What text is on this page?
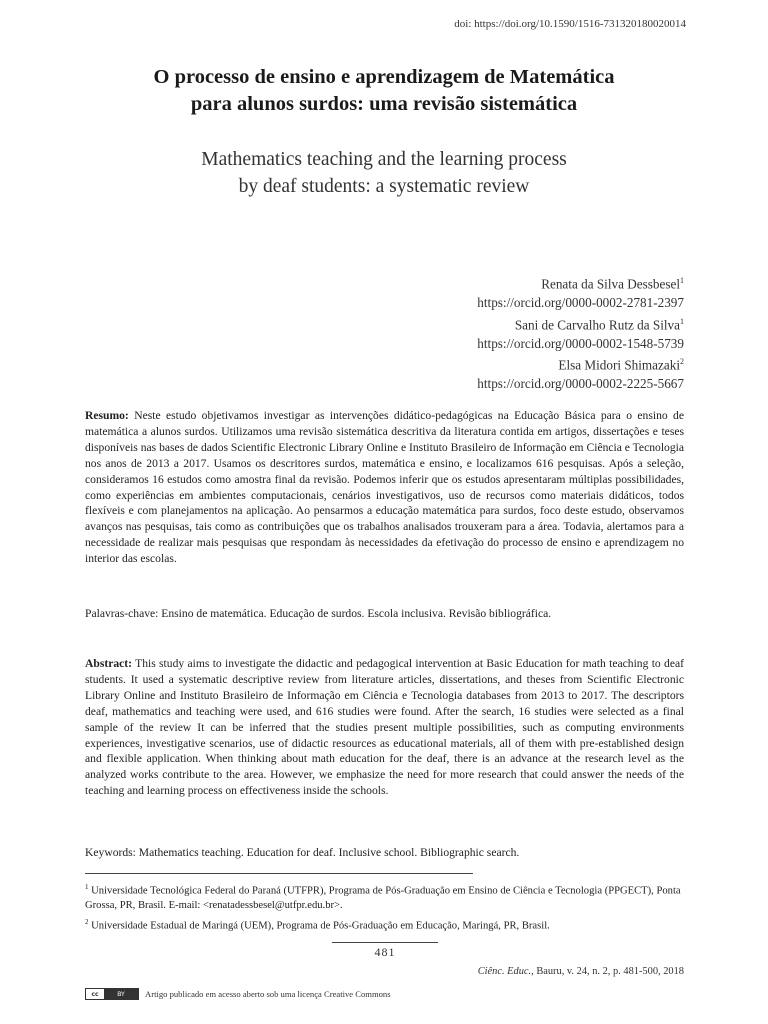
doi: https://doi.org/10.1590/1516-731320180020014
O processo de ensino e aprendizagem de Matemática
para alunos surdos: uma revisão sistemática
Mathematics teaching and the learning process
by deaf students: a systematic review
Renata da Silva Dessbesel$^1$
https://orcid.org/0000-0002-2781-2397
Sani de Carvalho Rutz da Silva$^1$
https://orcid.org/0000-0002-1548-5739
Elsa Midori Shimazaki$^2$
https://orcid.org/0000-0002-2225-5667
Resumo: Neste estudo objetivamos investigar as intervenções didático-pedagógicas na Educação Básica para o ensino de matemática a alunos surdos. Utilizamos uma revisão sistemática descritiva da literatura contida em artigos, dissertações e teses disponíveis nas bases de dados Scientific Electronic Library Online e Instituto Brasileiro de Informação em Ciência e Tecnologia nos anos de 2013 a 2017. Usamos os descritores surdos, matemática e ensino, e localizamos 616 pesquisas. Após a seleção, consideramos 16 estudos como amostra final da revisão. Podemos inferir que os estudos apresentaram múltiplas possibilidades, como experiências em ambientes computacionais, cenários investigativos, uso de recursos como materiais didáticos, todos flexíveis e com planejamentos na aplicação. Ao pensarmos a educação matemática para surdos, foco deste estudo, observamos avanços nas pesquisas, tais como as contribuições que os trabalhos analisados trouxeram para a área. Todavia, alertamos para a necessidade de realizar mais pesquisas que respondam às necessidades da efetivação do processo de ensino e aprendizagem no interior das escolas.
Palavras-chave: Ensino de matemática. Educação de surdos. Escola inclusiva. Revisão bibliográfica.
Abstract: This study aims to investigate the didactic and pedagogical intervention at Basic Education for math teaching to deaf students. It used a systematic descriptive review from literature articles, dissertations, and theses from Scientific Electronic Library Online and Instituto Brasileiro de Informação em Ciência e Tecnologia databases from 2013 to 2017. The descriptors deaf, mathematics and teaching were used, and 616 studies were found. After the search, 16 studies were selected as a final sample of the review It can be inferred that the studies present multiple possibilities, such as computing environments experiences, investigative scenarios, use of didactic resources as educational materials, all of them with pre-established design and flexible application. When thinking about math education for the deaf, there is an advance at the research level as the analyzed works contribute to the area. However, we emphasize the need for more research that could answer the needs of the teaching and learning process on effectiveness inside the schools.
Keywords: Mathematics teaching. Education for deaf. Inclusive school. Bibliographic search.
$^1$ Universidade Tecnológica Federal do Paraná (UTFPR), Programa de Pós-Graduação em Ensino de Ciência e Tecnologia (PPGECT), Ponta Grossa, PR, Brasil. E-mail: <renatadessbesel@utfpr.edu.br>.
$^2$ Universidade Estadual de Maringá (UEM), Programa de Pós-Graduação em Educação, Maringá, PR, Brasil.
481
Ciênc. Educ., Bauru, v. 24, n. 2, p. 481-500, 2018
cc	BY	Artigo publicado em acesso aberto sob uma licença Creative Commons
